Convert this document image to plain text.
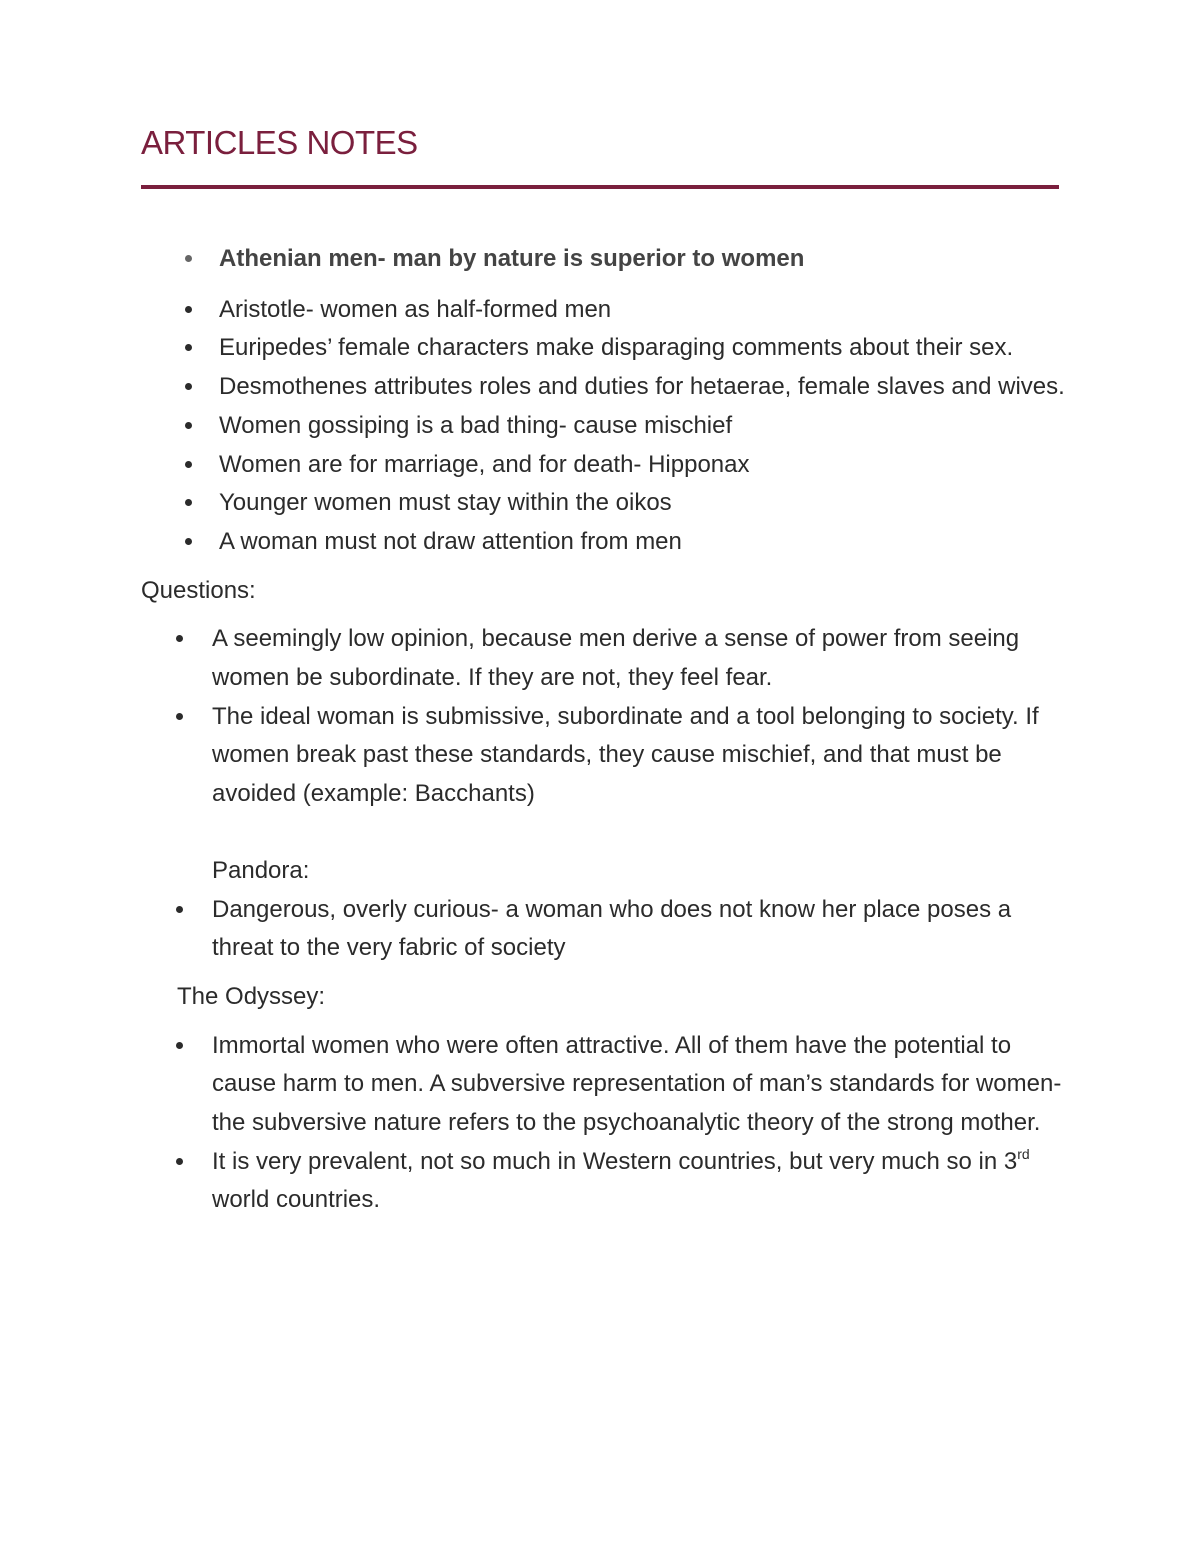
ARTICLES NOTES
Athenian men- man by nature is superior to women
Aristotle- women as half-formed men
Euripedes’ female characters make disparaging comments about their sex.
Desmothenes attributes roles and duties for hetaerae, female slaves and wives.
Women gossiping is a bad thing- cause mischief
Women are for marriage, and for death- Hipponax
Younger women must stay within the oikos
A woman must not draw attention from men

Questions:

A seemingly low opinion, because men derive a sense of power from seeing women be subordinate. If they are not, they feel fear.
The ideal woman is submissive, subordinate and a tool belonging to society. If women break past these standards, they cause mischief, and that must be avoided (example: Bacchants)

Pandora:

Dangerous, overly curious- a woman who does not know her place poses a threat to the very fabric of society

The Odyssey:

Immortal women who were often attractive. All of them have the potential to cause harm to men. A subversive representation of man’s standards for women- the subversive nature refers to the psychoanalytic theory of the strong mother.
It is very prevalent, not so much in Western countries, but very much so in 3rd world countries.
